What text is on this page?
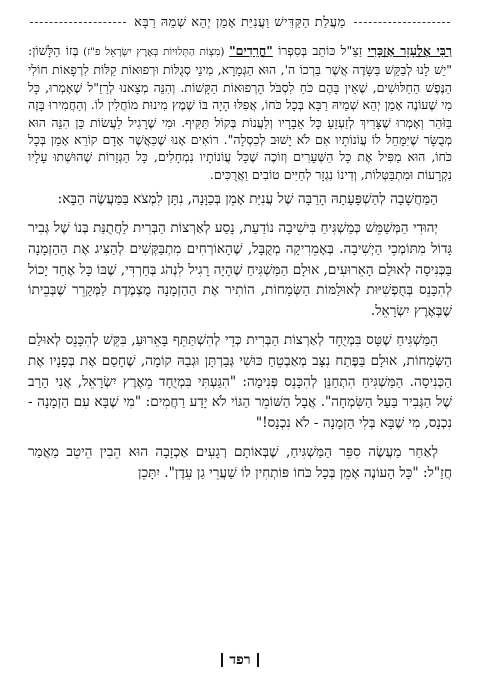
מַעֲלַת הַקַּדִּישׁ וַעֲנִיַּת אָמֵן יְהֵא שְׁמֵהּ רַבָּא

רַבִּי אֶלְעָזָר אַזְכָּרִי זַצַ"ל כּוֹתֵב בְּסִפְרוֹ "חֲרֵדִים" (מִצְוֹת הַתְּלוּיוֹת בְּאֶרֶץ יִשְׂרָאֵל פ"ז) בְּזוֹ הַלָּשׁוֹן: "יֵשׁ לָנוּ לְבַקֵּשׁ בַּשָּׂדֶה אֲשֶׁר בֵּרְכוֹ ה', הוּא הַגְּמָרָא, מִינֵי סְגֻלּוֹת וּרְפוּאוֹת קַלּוֹת לִרְפָאוֹת חוֹלִי הַנֶּפֶשׁ הַחַלּוּשִׁים, שֶׁאֵין בָּהֶם כֹּחַ לִסְבֹּל הָרְפוּאוֹת הַקָּשׁוֹת. וְהִנֵּה מְצָאנוּ לְרַזַ"ל שֶׁאָמְרוּ, כָּל מִי שֶׁעוֹנֶה אָמֵן יְהֵא שְׁמֵיהּ רַבָּא בְּכָל כֹּחוֹ, אֲפִלּוּ הָיָה בּוֹ שֶׁמֶץ מִינוּת מוֹחֲלִין לוֹ. וְהַחֲמִירוּ בָּזֶה בַּזֹּהַר וְאָמְרוּ שֶׁצָּרִיךְ לְזַעְזֵעַ כָּל אֵבָרָיו וְלַעֲנוֹת בְּקוֹל תַּקִּיף. וּמִי שֶׁרָגִיל לַעֲשׂוֹת כֵּן הִנֵּה הוּא מְבֻשָּׂר שֶׁיִּמָּחֵל לוֹ עֲוֹנוֹתָיו אִם לֹא יָשׁוּב לְכִסְלָה". רוֹאִים אָנוּ שֶׁכַּאֲשֶׁר אָדָם קוֹרֵא אָמֵן בְּכָל כֹּחוֹ, הוּא מַפִּיל אֶת כָּל הַשְּׁעָרִים וְזוֹכֶה שֶׁכָּל עֲוֹנוֹתָיו נִמְחָלִים, כָּל הַגְּזֵרוֹת שֶׁהוּשְׁתוּ עָלָיו נִקְרָעוֹת וּמִתְבַּטְּלוֹת, וְדִינוֹ נִגְזָר לְחַיִּים טוֹבִים וַאֲרֻכִּים.

הַמַּחֲשָׁבָה לְהַשְׁפָּעָתָהּ הָרַבָּה שֶׁל עֲנִיַּת אָמֵן בְּכַוָּנָה, נִתָּן לִמְצֹא בַּמַּעֲשֶׂה הַבָּא:

יְהוּדִי הַמְּשַׁמֵּשׁ כְּמַשְׁגִּיחַ בִּישִׁיבָה נוֹדַעַת, נָסַע לְאַרְצוֹת הַבְּרִית לַחֲתֻנַּת בְּנוֹ שֶׁל גְּבִיר גָּדוֹל מִתּוֹמְכֵי הַיְשִׁיבָה. בְּאָמֵרִיקָה מְקֻבָּל, שֶׁהָאוֹרְחִים מִתְבַּקְּשִׁים לְהַצִּיג אֶת הַהַזְמָנָה בַּכְּנִיסָה לְאוּלַם הָאֵרוּעִים, אוּלָם הַמַּשְׁגִּיחַ שֶׁהָיָה רָגִיל לִנְהֹג בְּחַרְדִּי, שֶׁבּוֹ כָּל אֶחָד יָכוֹל לְהִכָּנֵס בְּחֻפְשִׁיּוּת לְאוּלַמּוֹת הַשְּׂמָחוֹת, הוֹתִיר אֶת הַהַזְמָנָה מֻצְמֶדֶת לַמְּקָרֵר שֶׁבְּבֵיתוֹ שֶׁבְּאֶרֶץ יִשְׂרָאֵל.

הַמַּשְׁגִּיחַ שֶׁטָּס בִּמְיֻחָד לְאַרְצוֹת הַבְּרִית כְּדֵי לְהִשְׁתַּתֵּף בָּאֵרוּעַ, בִּקֵּשׁ לְהִכָּנֵס לְאוּלַם הַשְּׂמָחוֹת, אוּלָם בַּפֶּתַח נִצָּב מְאַבְטֵחַ כּוּשִׁי גְּבַרְתָּן וּגְבַהּ קוֹמָה, שֶׁחָסַם אֶת בְּפָנָיו אֶת הַכְּנִיסָה. הַמַּשְׁגִּיחַ הִתְחַנֵּן לְהִכָּנֵס פְּנִימָה: "הִגַּעְתִּי בִּמְיֻחָד מֵאֶרֶץ יִשְׂרָאֵל, אֲנִי הָרַב שֶׁל הַגְּבִיר בַּעַל הַשִּׂמְחָה". אֲבָל הַשּׁוֹמֵר הַגּוֹי לֹא יָדַע רַחֲמִים: "מִי שֶׁבָּא עִם הַזְמָנָה - נִכְנָס, מִי שֶׁבָּא בְּלִי הַזְמָנָה - לֹא נִכְנָס!"

לְאַחַר מַעֲשֶׂה סִפֵּר הַמַּשְׁגִּיחַ, שֶׁבְּאוֹתָם רְגָעִים אַכְזָבָה הוּא הֵבִין הֵיטֵב מַאֲמַר חֲזַ"ל: "כָּל הָעוֹנֶה אָמֵן בְּכָל כֹּחוֹ פּוֹתְחִין לוֹ שַׁעֲרֵי גַן עֵדֶן". יִתָּכֵן

רפד
